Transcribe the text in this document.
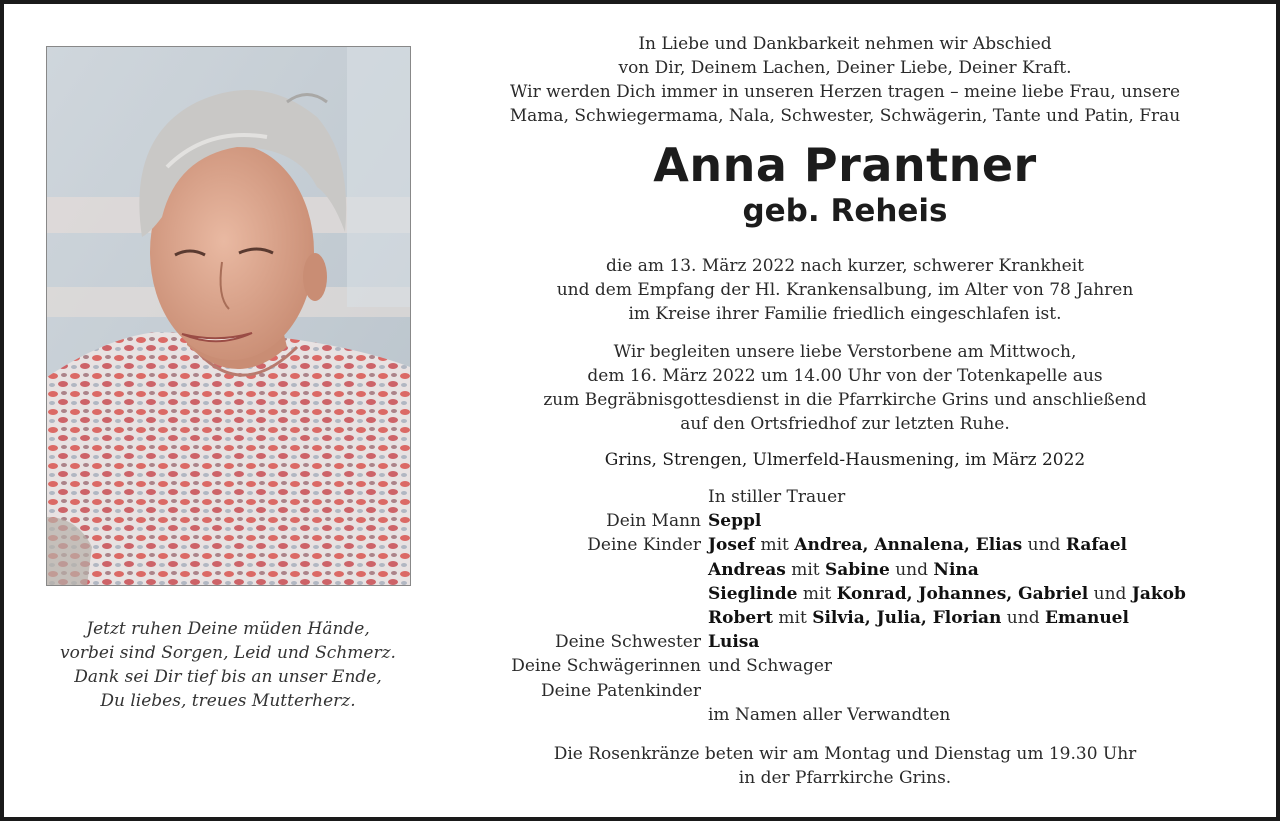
Jetzt ruhen Deine müden Hände,
vorbei sind Sorgen, Leid und Schmerz.
Dank sei Dir tief bis an unser Ende,
Du liebes, treues Mutterherz.
In Liebe und Dankbarkeit nehmen wir Abschied
von Dir, Deinem Lachen, Deiner Liebe, Deiner Kraft.
Wir werden Dich immer in unseren Herzen tragen – meine liebe Frau, unsere
Mama, Schwiegermama, Nala, Schwester, Schwägerin, Tante und Patin, Frau
Anna Prantner
geb. Reheis
die am 13. März 2022 nach kurzer, schwerer Krankheit
und dem Empfang der Hl. Krankensalbung, im Alter von 78 Jahren
im Kreise ihrer Familie friedlich eingeschlafen ist.
Wir begleiten unsere liebe Verstorbene am Mittwoch,
dem 16. März 2022 um 14.00 Uhr von der Totenkapelle aus
zum Begräbnisgottesdienst in die Pfarrkirche Grins und anschließend
auf den Ortsfriedhof zur letzten Ruhe.
Grins, Strengen, Ulmerfeld-Hausmening, im März 2022
In stiller Trauer
Dein Mann Seppl
Deine Kinder Josef mit Andrea, Annalena, Elias und Rafael
Andreas mit Sabine und Nina
Sieglinde mit Konrad, Johannes, Gabriel und Jakob
Robert mit Silvia, Julia, Florian und Emanuel
Deine Schwester Luisa
Deine Schwägerinnen und Schwager
Deine Patenkinder
im Namen aller Verwandten
Die Rosenkränze beten wir am Montag und Dienstag um 19.30 Uhr
in der Pfarrkirche Grins.
